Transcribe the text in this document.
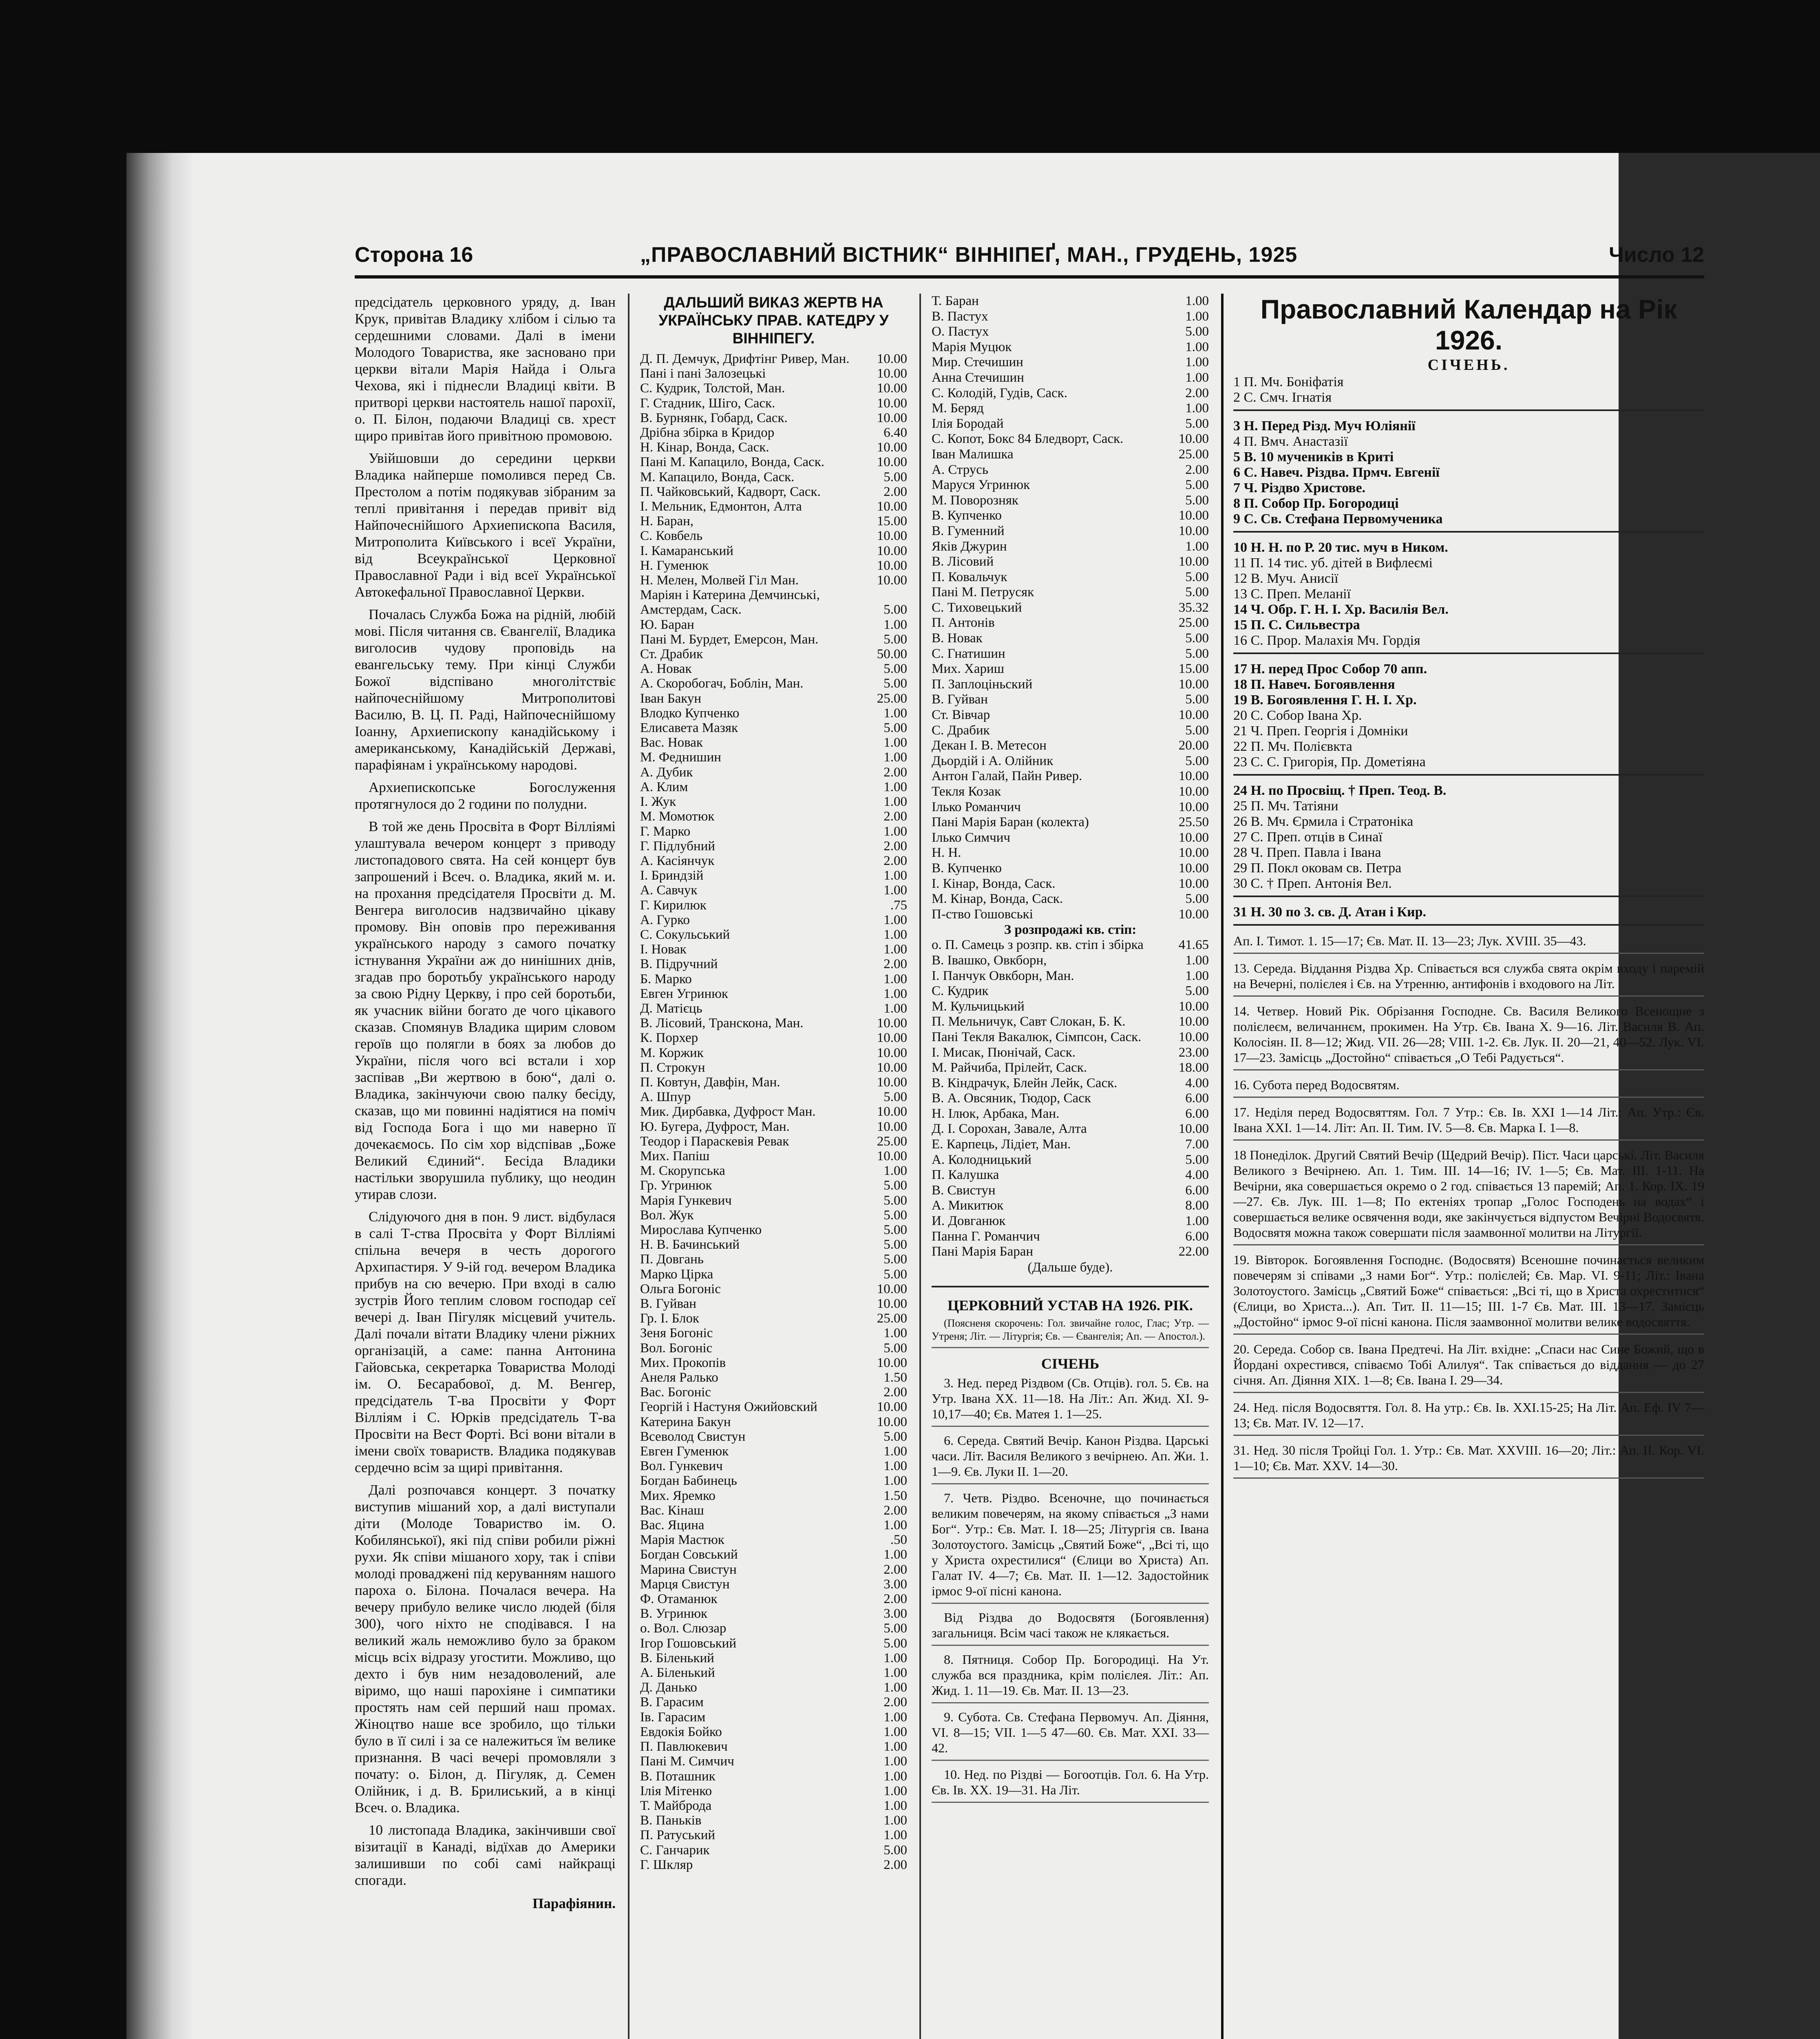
Сторона 16	„ПРАВОСЛАВНИЙ ВІСТНИК“ ВІННІПЕҐ, МАН., ГРУДЕНЬ, 1925	Число 12

предсідатель церковного уряду, д. Іван Крук, привітав Владику хлібом і сілью та сердешними словами. Далі в імени Молодого Товариства, яке засновано при церкви вітали Марія Найда і Ольга Чехова, які і піднесли Владиці квіти. В притворі церкви настоятель нашої парохії, о. П. Білон, подаючи Владиці св. хрест щиро привітав його привітною промовою.

Увійшовши до середини церкви Владика найперше помолився перед Св. Престолом а потім подякував зібраним за теплі привітання і передав привіт від Найпочеснійшого Архиепископа Василя, Митрополита Київського і всеї України, від Всеукраїнської Церковної Православної Ради і від всеї Української Автокефальної Православної Церкви.

Почалась Служба Божа на рідній, любій мові. Після читання св. Євангелії, Владика виголосив чудову проповідь на евангельську тему. При кінці Служби Божої відспівано многолітствіє найпочеснійшому Митрополитові Василю, В. Ц. П. Раді, Найпочеснійшому Іоанну, Архиепископу канадійському і американському, Канадійській Державі, парафіянам і українському народові.

Архиепископське Богослуження протягнулося до 2 години по полудни.

В той же день Просвіта в Форт Вілліямі улаштувала вечером концерт з приводу листопадового свята. На сей концерт був запрошений і Всеч. о. Владика, який м. и. на прохання предсідателя Просвіти д. М. Венгера виголосив надзвичайно цікаву промову. Він оповів про переживання українського народу з самого початку істнування України аж до нинішних днів, згадав про боротьбу українського народу за свою Рідну Церкву, і про сей боротьби, як учасник війни богато де чого цікавого сказав. Спомянув Владика щирим словом героїв що полягли в боях за любов до України, після чого всі встали і хор заспівав „Ви жертвою в бою“, далі о. Владика, закінчуючи свою палку бесіду, сказав, що ми повинні надіятися на поміч від Господа Бога і що ми наверно її дочекаємось. По сім хор відспівав „Боже Великий Єдиний“. Бесіда Владики настільки зворушила публику, що неодин утирав слози.

Слідуючого дня в пон. 9 лист. відбулася в салі Т-ства Просвіта у Форт Вілліямі спільна вечеря в честь дорогого Архипастиря. У 9-ій год. вечером Владика прибув на сю вечерю. При вході в салю зустрів Його теплим словом господар сеї вечері д. Іван Пігуляк місцевий учитель. Далі почали вітати Владику члени ріжних організацій, а саме: панна Антонина Гайовська, секретарка Товариства Молоді ім. О. Бесарабової, д. М. Венгер, предсідатель Т-ва Просвіти у Форт Вілліям і С. Юрків предсідатель Т-ва Просвіти на Вест Форті. Всі вони вітали в імени своїх товариств. Владика подякував сердечно всім за щирі привітання.

Далі розпочався концерт. З початку виступив мішаний хор, а далі виступали діти (Молоде Товариство ім. О. Кобилянської), які під співи робили ріжні рухи. Як співи мішаного хору, так і співи молоді проваджені під керуванням нашого пароха о. Білона. Почалася вечера. На вечеру прибуло велике число людей (біля 300), чого ніхто не сподівався. І на великий жаль неможливо було за браком місць всіх відразу угостити. Можливо, що дехто і був ним незадоволений, але віримо, що наші парохіяне і симпатики простять нам сей перший наш промах. Жіноцтво наше все зробило, що тільки було в її силі і за се належиться їм велике признання. В часі вечері промовляли з почату: о. Білон, д. Пігуляк, д. Семен Олійник, і д. В. Брилиський, а в кінці Всеч. о. Владика.

10 листопада Владика, закінчивши свої візитації в Канаді, відїхав до Америки залишивши по собі самі найкращі спогади.

Парафіянин.

ДАЛЬШИЙ ВИКАЗ ЖЕРТВ НА УКРАЇНСЬКУ ПРАВ. КАТЕДРУ У ВІННІПЕГУ.
Д. П. Демчук, Дрифтінг Ривер, Ман. 10.00
Пані і пані Залозецькі	10.00
С. Кудрик, Толстой, Ман.	10.00
Г. Стадник, Шіго, Саск.	10.00
В. Бурнянк, Гобард, Саск.	10.00
Дрібна збірка в Кридор	6.40
Н. Кінар, Вонда, Саск.	10.00
Пані М. Капацило, Вонда, Саск.	10.00
М. Капацило, Вонда, Саск.	5.00
П. Чайковський, Кадворт, Саск.	2.00
І. Мельник, Едмонтон, Алта	10.00
Н. Баран,	15.00
С. Ковбель	10.00
І. Камаранський	10.00
Н. Гуменюк	10.00
Н. Мелен, Молвей Гіл Ман.	10.00
Маріян і Катерина Демчинські, Амстердам, Саск.	5.00
Ю. Баран	1.00
Пані М. Бурдет, Емерсон, Ман.	5.00
Ст. Драбик	50.00
А. Новак	5.00
А. Скоробогач, Боблін, Ман.	5.00
Іван Бакун	25.00
Влодко Купченко	1.00
Елисавета Мазяк	5.00
Вас. Новак	1.00
М. Феднишин	1.00
А. Дубик	2.00
А. Клим	1.00
І. Жук	1.00
М. Момотюк	2.00
Г. Марко	1.00
Г. Підлубний	2.00
А. Касіянчук	2.00
І. Бриндзій	1.00
А. Савчук	1.00
Г. Кирилюк	.75
А. Гурко	1.00
С. Сокульський	1.00
І. Новак	1.00
В. Підручний	2.00
Б. Марко	1.00
Евген Угринюк	1.00
Д. Матієць	1.00
В. Лісовий, Транскона, Ман.	10.00
К. Порхер	10.00
М. Коржик	10.00
П. Строкун	10.00
П. Ковтун, Давфін, Ман.	10.00
А. Шпур	5.00
Мик. Дирбавка, Дуфрост Ман.	10.00
Ю. Бугера, Дуфрост, Ман.	10.00
Теодор і Параскевія Ревак	25.00
Мих. Папіш	10.00
М. Скорупська	1.00
Гр. Угринюк	5.00
Марія Гункевич	5.00
Вол. Жук	5.00
Мирослава Купченко	5.00
Н. В. Бачинський	5.00
П. Довгань	5.00
Марко Цірка	5.00
Ольга Богоніс	10.00
В. Гуйван	10.00
Гр. І. Блок	25.00
Зеня Богоніс	1.00
Вол. Богоніс	5.00
Мих. Прокопів	10.00
Анеля Ралько	1.50
Вас. Богоніс	2.00
Георгій і Настуня Ожийовский	10.00
Катерина Бакун	10.00
Всеволод Свистун	5.00
Евген Гуменюк	1.00
Вол. Гункевич	1.00
Богдан Бабинець	1.00
Мих. Яремко	1.50
Вас. Кінаш	2.00
Вас. Яцина	1.00
Марія Мастюк	.50
Богдан Совський	1.00
Марина Свистун	2.00
Марця Свистун	3.00
Ф. Отаманюк	2.00
В. Угринюк	3.00
о. Вол. Слюзар	5.00
Ігор Гошовський	5.00
В. Біленький	1.00
А. Біленький	1.00
Д. Данько	1.00
В. Гарасим	2.00
Ів. Гарасим	1.00
Евдокія Бойко	1.00
П. Павлюкевич	1.00
Пані М. Симчич	1.00
В. Поташник	1.00
Ілія Мітенко	1.00
Т. Майброда	1.00
В. Паньків	1.00
П. Ратуський	1.00
С. Ганчарик	5.00
Г. Шкляр	2.00
Т. Баран	1.00
В. Пастух	1.00
О. Пастух	5.00
Марія Муцюк	1.00
Мир. Стечишин	1.00
Анна Стечишин	1.00
С. Колодій, Гудів, Саск.	2.00
М. Беряд	1.00
Ілія Бородай	5.00
С. Копот, Бокс 84 Бледворт, Саск.	10.00
Іван Малишка	25.00
А. Струсь	2.00
Маруся Угринюк	5.00
М. Поворозняк	5.00
В. Купченко	10.00
В. Гуменний	10.00
Яків Джурин	1.00
В. Лісовий	10.00
П. Ковальчук	5.00
Пані М. Петрусяк	5.00
С. Тиховецький	35.32
П. Антонів	25.00
В. Новак	5.00
С. Гнатишин	5.00
Мих. Хариш	15.00
П. Заплоціньский	10.00
В. Гуйван	5.00
Ст. Вівчар	10.00
С. Драбик	5.00
Декан І. В. Метесон	20.00
Дьордій і А. Олійник	5.00
Антон Галай, Пайн Ривер.	10.00
Текля Козак	10.00
Ілько Романчич	10.00
Пані Марія Баран (колекта)	25.50
Ілько Симчич	10.00
Н. Н.	10.00
В. Купченко	10.00
І. Кінар, Вонда, Саск.	10.00
М. Кінар, Вонда, Саск.	5.00
П-ство Гошовські	10.00
З розпродажі кв. стіп:
о. П. Самець з розпр. кв. стіп і збірка	41.65
В. Івашко, Овкборн,	1.00
І. Панчук Овкборн, Ман.	1.00
С. Кудрик	5.00
М. Кульчицький	10.00
П. Мельничук, Савт Слокан, Б. К.	10.00
Пані Текля Вакалюк, Сімпсон, Саск.	10.00
І. Мисак, Пюнічай, Саск.	23.00
М. Райчиба, Прілейт, Саск.	18.00
В. Кіндрачук, Блейн Лейк, Саск.	4.00
В. А. Овсяник, Тюдор, Саск	6.00
Н. Ілюк, Арбака, Ман.	6.00
Д. І. Сорохан, Завале, Алта	10.00
Е. Карпець, Лідіет, Ман.	7.00
А. Колодницький	5.00
П. Калушка	4.00
В. Свистун	6.00
А. Микитюк	8.00
И. Довганюк	1.00
Панна Г. Романчич	6.00
Пані Марія Баран	22.00
(Дальше буде).
ЦЕРКОВНИЙ УСТАВ НА 1926. РІК.

(Поясненя скорочень: Гол. звичайне голос, Глас; Утр. — Утреня; Літ. — Літургія; Єв. — Євангелія; Ап. — Апостол.).

СІЧЕНЬ

3. Нед. перед Різдвом (Св. Отців). гол. 5. Єв. на Утр. Івана ХХ. 11—18. На Літ.: Ап. Жид. ХІ. 9-10,17—40; Єв. Матея 1. 1—25.

6. Середа. Святий Вечір. Канон Різдва. Царські часи. Літ. Василя Великого з вечірнею. Ап. Жи. 1. 1—9. Єв. Луки ІІ. 1—20.

7. Четв. Різдво. Всеночне, що починається великим повечерям, на якому співається „З нами Бог“. Утр.: Єв. Мат. І. 18—25; Літургія св. Івана Золотоустого. Замісць „Святий Боже“, „Всі ті, що у Христа охрестилися“ (Єлици во Христа) Ап. Галат IV. 4—7; Єв. Мат. ІІ. 1—12. Задостойник ірмос 9-ої пісні канона.

Від Різдва до Водосвятя (Богоявлення) загальниця. Всім часі також не клякається.

8. Пятниця. Собор Пр. Богородиці. На Ут. служба вся праздника, крім полієлея. Літ.: Ап. Жид. 1. 11—19. Єв. Мат. ІІ. 13—23.

9. Субота. Св. Стефана Первомуч. Ап. Діяння, VI. 8—15; VII. 1—5 47—60. Єв. Мат. XXI. 33—42.

10. Нед. по Різдві — Богоотців. Гол. 6. На Утр. Єв. Ів. ХХ. 19—31. На Літ.

Православний Календар на Рік 1926.
СІЧЕНЬ.
1 П. Мч. Боніфатія
2 С. Смч. Ігнатія
3 Н. Перед Різд. Муч Юліянії
4 П. Вмч. Анастазії
5 В. 10 мучеників в Криті
6 С. Навеч. Різдва. Прмч. Евгенії
7 Ч. Різдво Христове.
8 П. Собор Пр. Богородиці
9 С. Св. Стефана Первомученика
10 Н. Н. по Р. 20 тис. муч в Ником.
11 П. 14 тис. уб. дітей в Вифлеємі
12 В. Муч. Анисії
13 С. Преп. Меланії
14 Ч. Обр. Г. Н. І. Хр. Василія Вел.
15 П. С. Сильвестра
16 С. Прор. Малахія Мч. Гордія
17 Н. перед Прос Собор 70 апп.
18 П. Навеч. Богоявлення
19 В. Богоявлення Г. Н. І. Хр.
20 С. Собор Івана Хр.
21 Ч. Преп. Георгія і Домніки
22 П. Мч. Полієвкта
23 С. С. Григорія, Пр. Дометіяна
24 Н. по Просвіщ. † Преп. Теод. В.
25 П. Мч. Татіяни
26 В. Мч. Єрмила і Стратоніка
27 С. Преп. отців в Синаї
28 Ч. Преп. Павла і Івана
29 П. Покл оковам св. Петра
30 С. † Преп. Антонія Вел.
31 Н. 30 по 3. св. Д. Атан і Кир.

Ап. І. Тимот. 1. 15—17; Єв. Мат. ІІ. 13—23; Лук. XVIII. 35—43.

13. Середа. Віддання Різдва Хр. Співається вся служба свята окрім входу і паремій на Вечерні, полієлея і Єв. на Утренню, антифонів і входового на Літ.

14. Четвер. Новий Рік. Обрізання Господне. Св. Василя Великого Всенощне з полієлеєм, величаннєм, прокимен. На Утр. Єв. Івана Х. 9—16. Літ. Василя В. Ап. Колосіян. ІІ. 8—12; Жид. VII. 26—28; VIII. 1-2. Єв. Лук. ІІ. 20—21, 40—52. Лук. VI. 17—23. Замісць „Достойно“ співається „О Тебі Радується“.

16. Субота перед Водосвятям.

17. Неділя перед Водосвяттям. Гол. 7 Утр.: Єв. Ів. XXI 1—14 Літ.: Ап. Утр.: Єв. Івана XXI. 1—14. Літ: Ап. II. Тим. IV. 5—8. Єв. Марка І. 1—8.

18 Понеділок. Другий Святий Вечір (Щедрий Вечір). Піст. Часи царські. Літ. Василя Великого з Вечірнею. Ап. 1. Тим. III. 14—16; IV. 1—5; Єв. Мат. ІІІ. 1-11. На Вечірни, яка совершається окремо о 2 год. співається 13 паремій; Ап. 1. Кор. IX. 19—27. Єв. Лук. ІІІ. 1—8; По ектеніях тропар „Голос Господень на водах“ і совершається велике освячення води, яке закінчується відпустом Вечірні Водосвятя. Водосвятя можна також совершати після заамвонної молитви на Літургії.

19. Вівторок. Богоявлення Господнє. (Водосвятя) Всеношне починається великим повечерям зі співами „З нами Бог“. Утр.: полієлей; Єв. Мар. VI. 9-11; Літ.: Івана Золотоустого. Замісць „Святий Боже“ співається: „Всі ті, що в Христа охреститися“ (Єлици, во Христа...). Ап. Тит. II. 11—15; III. 1-7 Єв. Мат. ІІІ. 13—17. Замісць „Достойно“ ірмос 9-ої пісні канона. Після заамвонної молитви велике водосвяття.

20. Середа. Собор св. Івана Предтечі. На Літ. вхідне: „Спаси нас Сине Божий, що в Йордані охрестився, співаємо Тобі Алилуя“. Так співається до віддання — до 27 січня. Ап. Діяння XIX. 1—8; Єв. Івана І. 29—34.

24. Нед. після Водосвяття. Гол. 8. На утр.: Єв. Ів. XXI.15-25; На Літ. Ап. Еф. IV 7—13; Єв. Мат. IV. 12—17.

31. Нед. 30 після Тройці Гол. 1. Утр.: Єв. Мат. XXVIII. 16—20; Літ.: Ап. ІІ. Кор. VI. 1—10; Єв. Мат. XXV. 14—30.
